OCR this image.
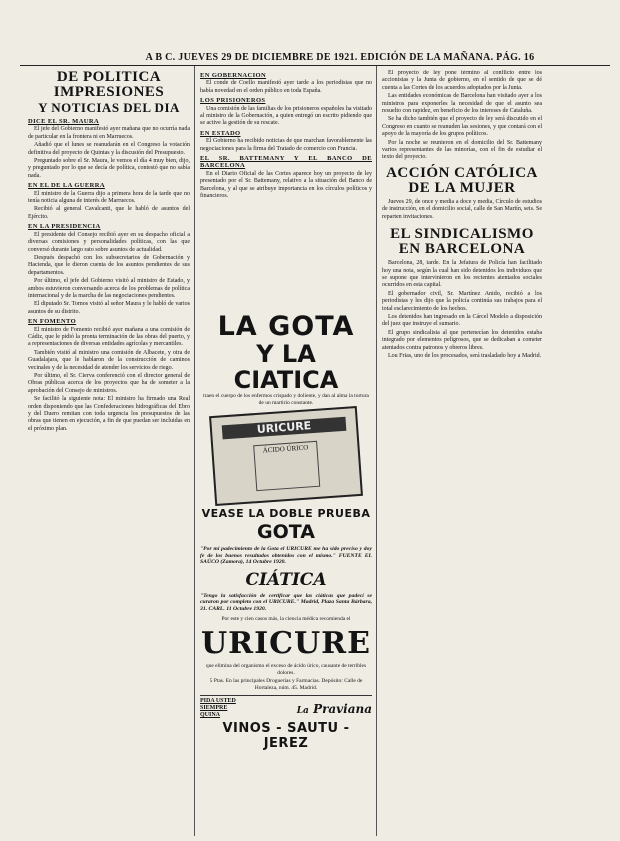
A B C. JUEVES 29 DE DICIEMBRE DE 1921. EDICIÓN DE LA MAÑANA. PÁG. 16
DE POLITICA
IMPRESIONES
Y NOTICIAS DEL DIA
DICE EL SR. MAURA

El jefe del Gobierno manifestó ayer mañana que no ocurría nada de particular en la frontera ni en Marruecos.

Añadió que el lunes se reanudarán en el Congreso la votación definitiva del proyecto de Quintas y la discusión del Presupuesto.

Preguntado sobre el Sr. Maura, le vemos el día 4 muy bien, dijo, y preguntado por lo que se decía de política, contestó que no sabía nada.

EN EL DE LA GUERRA

El ministro de la Guerra dijo a primera hora de la tarde que no tenía noticia alguna de interés de Marruecos.

Recibió al general Cavalcanti, que le habló de asuntos del Ejército.

EN LA PRESIDENCIA

El presidente del Consejo recibió ayer en su despacho oficial a diversas comisiones y personalidades políticas, con las que conversó durante largo rato sobre asuntos de actualidad.

Después despachó con los subsecretarios de Gobernación y Hacienda, que le dieron cuenta de los asuntos pendientes de sus departamentos.

Por último, el jefe del Gobierno visitó al ministro de Estado, y ambos estuvieron conversando acerca de los problemas de política internacional y de la marcha de las negociaciones pendientes.

El diputado Sr. Tornos visitó al señor Maura y le habló de varios asuntos de su distrito.

EN FOMENTO

El ministro de Fomento recibió ayer mañana a una comisión de Cádiz, que le pidió la pronta terminación de las obras del puerto, y a representaciones de diversas entidades agrícolas y mercantiles.

También visitó al ministro una comisión de Albacete, y otra de Guadalajara, que le hablaron de la construcción de caminos vecinales y de la necesidad de atender los servicios de riego.

Por último, el Sr. Cierva conferenció con el director general de Obras públicas acerca de los proyectos que ha de someter a la aprobación del Consejo de ministros.

Se facilitó la siguiente nota: El ministro ha firmado una Real orden disponiendo que las Confederaciones hidrográficas del Ebro y del Duero remitan con toda urgencia los presupuestos de las obras que tienen en ejecución, a fin de que puedan ser incluidas en el próximo plan.

EN GOBERNACION

El conde de Coello manifestó ayer tarde a los periodistas que no había novedad en el orden público en toda España.

LOS PRISIONEROS

Una comisión de las familias de los prisioneros españoles ha visitado al ministro de la Gobernación, a quien entregó un escrito pidiendo que se active la gestión de su rescate.

EN ESTADO

El Gobierno ha recibido noticias de que marchan favorablemente las negociaciones para la firma del Tratado de comercio con Francia.

EL SR. BATTEMANY Y EL BANCO DE BARCELONA

En el Diario Oficial de las Cortes aparece hoy un proyecto de ley presentado por el Sr. Battemany, relativo a la situación del Banco de Barcelona, y al que se atribuye importancia en los círculos políticos y financieros.

LA GOTA
Y LA CIATICA
traen el cuerpo de los enfermos crispado y doliente, y dan al alma la tortura de un martirio constante.
URICURE
ÁCIDO ÚRICO
VEASE LA DOBLE PRUEBA
GOTA
"Por mi padecimiento de la Gota el URICURE me ha sido preciso y doy fe de los buenos resultados obtenidos con el mismo." FUENTE EL SAÚCO (Zamora), 14 Octubre 1920.
CIÁTICA
"Tengo la satisfacción de certificar que las ciáticas que padecí se curaron por completo con el URICURE." Madrid, Plaza Santa Bárbara, 31. CARL. 11 Octubre 1920.
Por este y cien casos más, la ciencia médica recomienda el
URICURE
que elimina del organismo el exceso de ácido úrico, causante de terribles dolores.
5 Ptas. En las principales Droguerías y Farmacias. Depósito: Calle de Hortaleza, núm. 45. Madrid.
PIDA USTED SIEMPRE QUINA	La Praviana
VINOS - SAUTU - JEREZ

El proyecto de ley pone término al conflicto entre los accionistas y la Junta de gobierno, en el sentido de que se dé cuenta a las Cortes de los acuerdos adoptados por la Junta.

Las entidades económicas de Barcelona han visitado ayer a los ministros para exponerles la necesidad de que el asunto sea resuelto con rapidez, en beneficio de los intereses de Cataluña.

Se ha dicho también que el proyecto de ley será discutido en el Congreso en cuanto se reanuden las sesiones, y que contará con el apoyo de la mayoría de los grupos políticos.

Por la noche se reunieron en el domicilio del Sr. Battemany varios representantes de las minorías, con el fin de estudiar el texto del proyecto.

ACCIÓN CATÓLICA
DE LA MUJER

Jueves 29, de once y media a doce y media, Círculo de estudios de instrucción, en el domicilio social, calle de San Martín, seis. Se reparten invitaciones.

EL SINDICALISMO
EN BARCELONA

Barcelona, 28, tarde. En la Jefatura de Policía han facilitado hoy una nota, según la cual han sido detenidos los individuos que se supone que intervinieron en los recientes atentados sociales ocurridos en esta capital.

El gobernador civil, Sr. Martínez Anido, recibió a los periodistas y les dijo que la policía continúa sus trabajos para el total esclarecimiento de los hechos.

Los detenidos han ingresado en la Cárcel Modelo a disposición del juez que instruye el sumario.

El grupo sindicalista al que pertenecían los detenidos estaba integrado por elementos peligrosos, que se dedicaban a cometer atentados contra patronos y obreros libres.

Lou Frias, uno de los procesados, será trasladado hoy a Madrid.
